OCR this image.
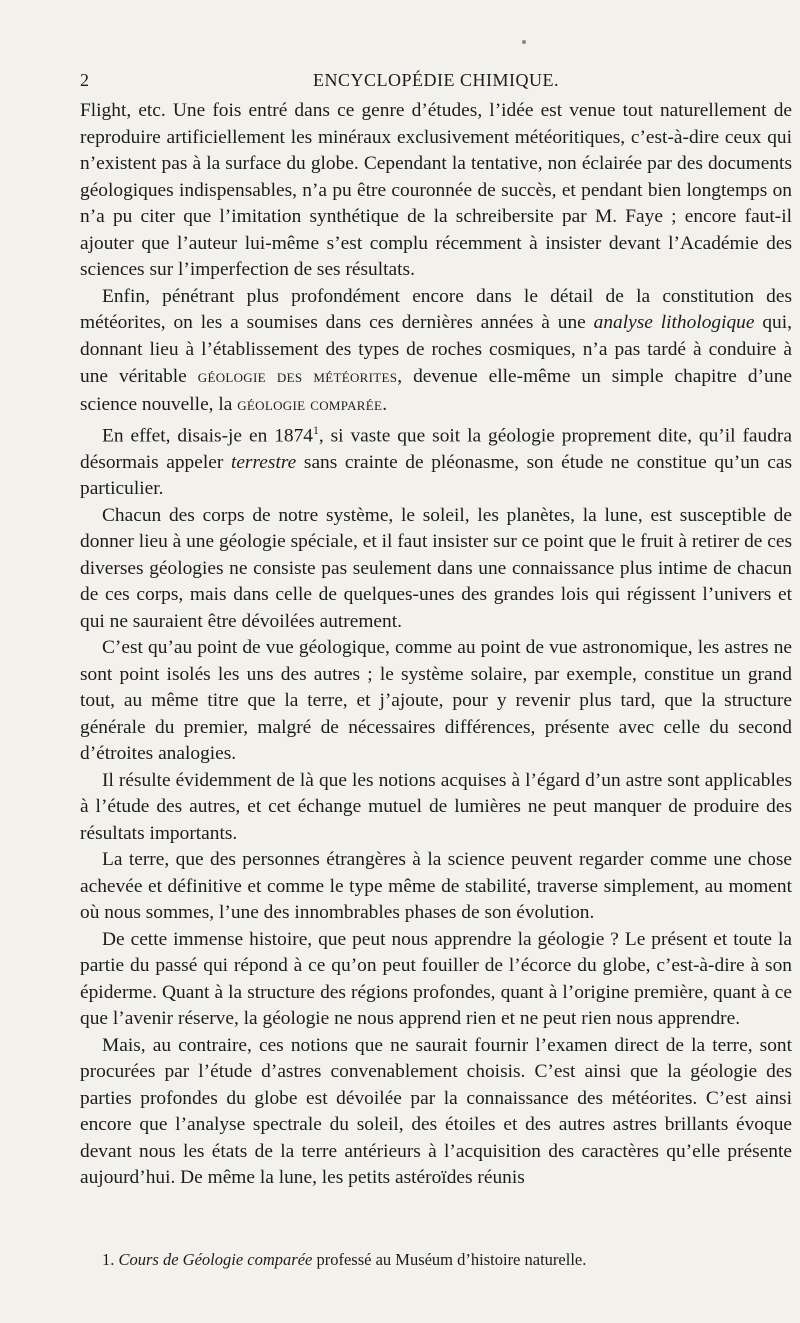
2	ENCYCLOPÉDIE CHIMIQUE.

Flight, etc. Une fois entré dans ce genre d’études, l’idée est venue tout naturellement de reproduire artificiellement les minéraux exclusivement météoritiques, c’est-à-dire ceux qui n’existent pas à la surface du globe. Cependant la tentative, non éclairée par des documents géologiques indispensables, n’a pu être couronnée de succès, et pendant bien longtemps on n’a pu citer que l’imitation synthétique de la schreibersite par M. Faye ; encore faut-il ajouter que l’auteur lui-même s’est complu récemment à insister devant l’Académie des sciences sur l’imperfection de ses résultats.

Enfin, pénétrant plus profondément encore dans le détail de la constitution des météorites, on les a soumises dans ces dernières années à une analyse lithologique qui, donnant lieu à l’établissement des types de roches cosmiques, n’a pas tardé à conduire à une véritable géologie des météorites, devenue elle-même un simple chapitre d’une science nouvelle, la géologie comparée.

En effet, disais-je en 1874$^1$, si vaste que soit la géologie proprement dite, qu’il faudra désormais appeler terrestre sans crainte de pléonasme, son étude ne constitue qu’un cas particulier.

Chacun des corps de notre système, le soleil, les planètes, la lune, est susceptible de donner lieu à une géologie spéciale, et il faut insister sur ce point que le fruit à retirer de ces diverses géologies ne consiste pas seulement dans une connaissance plus intime de chacun de ces corps, mais dans celle de quelques-unes des grandes lois qui régissent l’univers et qui ne sauraient être dévoilées autrement.

C’est qu’au point de vue géologique, comme au point de vue astronomique, les astres ne sont point isolés les uns des autres ; le système solaire, par exemple, constitue un grand tout, au même titre que la terre, et j’ajoute, pour y revenir plus tard, que la structure générale du premier, malgré de nécessaires différences, présente avec celle du second d’étroites analogies.

Il résulte évidemment de là que les notions acquises à l’égard d’un astre sont applicables à l’étude des autres, et cet échange mutuel de lumières ne peut manquer de produire des résultats importants.

La terre, que des personnes étrangères à la science peuvent regarder comme une chose achevée et définitive et comme le type même de stabilité, traverse simplement, au moment où nous sommes, l’une des innombrables phases de son évolution.

De cette immense histoire, que peut nous apprendre la géologie ? Le présent et toute la partie du passé qui répond à ce qu’on peut fouiller de l’écorce du globe, c’est-à-dire à son épiderme. Quant à la structure des régions profondes, quant à l’origine première, quant à ce que l’avenir réserve, la géologie ne nous apprend rien et ne peut rien nous apprendre.

Mais, au contraire, ces notions que ne saurait fournir l’examen direct de la terre, sont procurées par l’étude d’astres convenablement choisis. C’est ainsi que la géologie des parties profondes du globe est dévoilée par la connaissance des météorites. C’est ainsi encore que l’analyse spectrale du soleil, des étoiles et des autres astres brillants évoque devant nous les états de la terre antérieurs à l’acquisition des caractères qu’elle présente aujourd’hui. De même la lune, les petits astéroïdes réunis

1. Cours de Géologie comparée professé au Muséum d’histoire naturelle.
